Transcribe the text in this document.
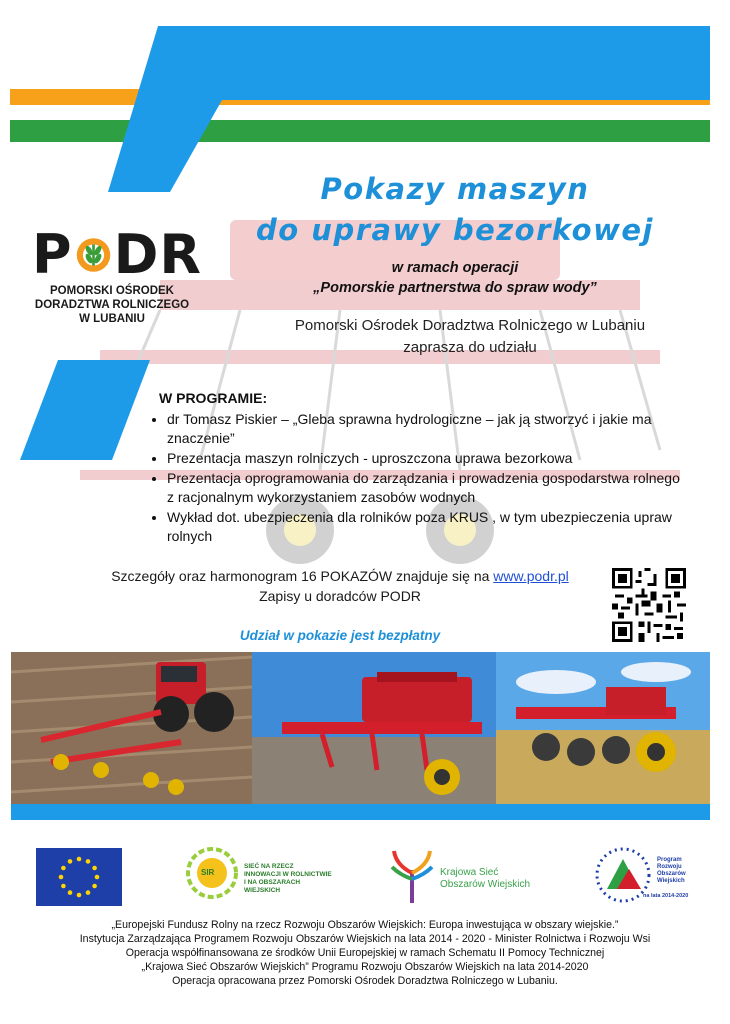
Pokazy maszyn
do uprawy bezorkowej
w ramach operacji
„Pomorskie partnerstwa do spraw wody”
P DR
POMORSKI OŚRODEK
DORADZTWA ROLNICZEGO
W LUBANIU	Pomorski Ośrodek Doradztwa Rolniczego w Lubaniu
zaprasza do udziału
W PROGRAMIE:
• dr Tomasz Piskier – „Gleba sprawna hydrologiczne – jak ją stworzyć i jakie ma znaczenie”
• Prezentacja maszyn rolniczych - uproszczona uprawa bezorkowa
• Prezentacja oprogramowania do zarządzania i prowadzenia gospodarstwa rolnego z racjonalnym wykorzystaniem zasobów wodnych
• Wykład dot. ubezpieczenia dla rolników poza KRUS , w tym ubezpieczenia upraw rolnych
Szczegóły oraz harmonogram 16 POKAZÓW znajduje się na www.podr.pl
Zapisy u doradców PODR
Udział w pokazie jest bezpłatny
SIR
SIEĆ NA RZECZ
INNOWACJI W ROLNICTWIE
I NA OBSZARACH WIEJSKICH
Krajowa Sieć
Obszarów Wiejskich
Program
Rozwoju
Obszarów
Wiejskich
na lata 2014-2020
„Europejski Fundusz Rolny na rzecz Rozwoju Obszarów Wiejskich: Europa inwestująca w obszary wiejskie.”
Instytucja Zarządzająca Programem Rozwoju Obszarów Wiejskich na lata 2014 - 2020 - Minister Rolnictwa i Rozwoju Wsi
Operacja współfinansowana ze środków Unii Europejskiej w ramach Schematu II Pomocy Technicznej
„Krajowa Sieć Obszarów Wiejskich” Programu Rozwoju Obszarów Wiejskich na lata 2014-2020
Operacja opracowana przez Pomorski Ośrodek Doradztwa Rolniczego w Lubaniu.
